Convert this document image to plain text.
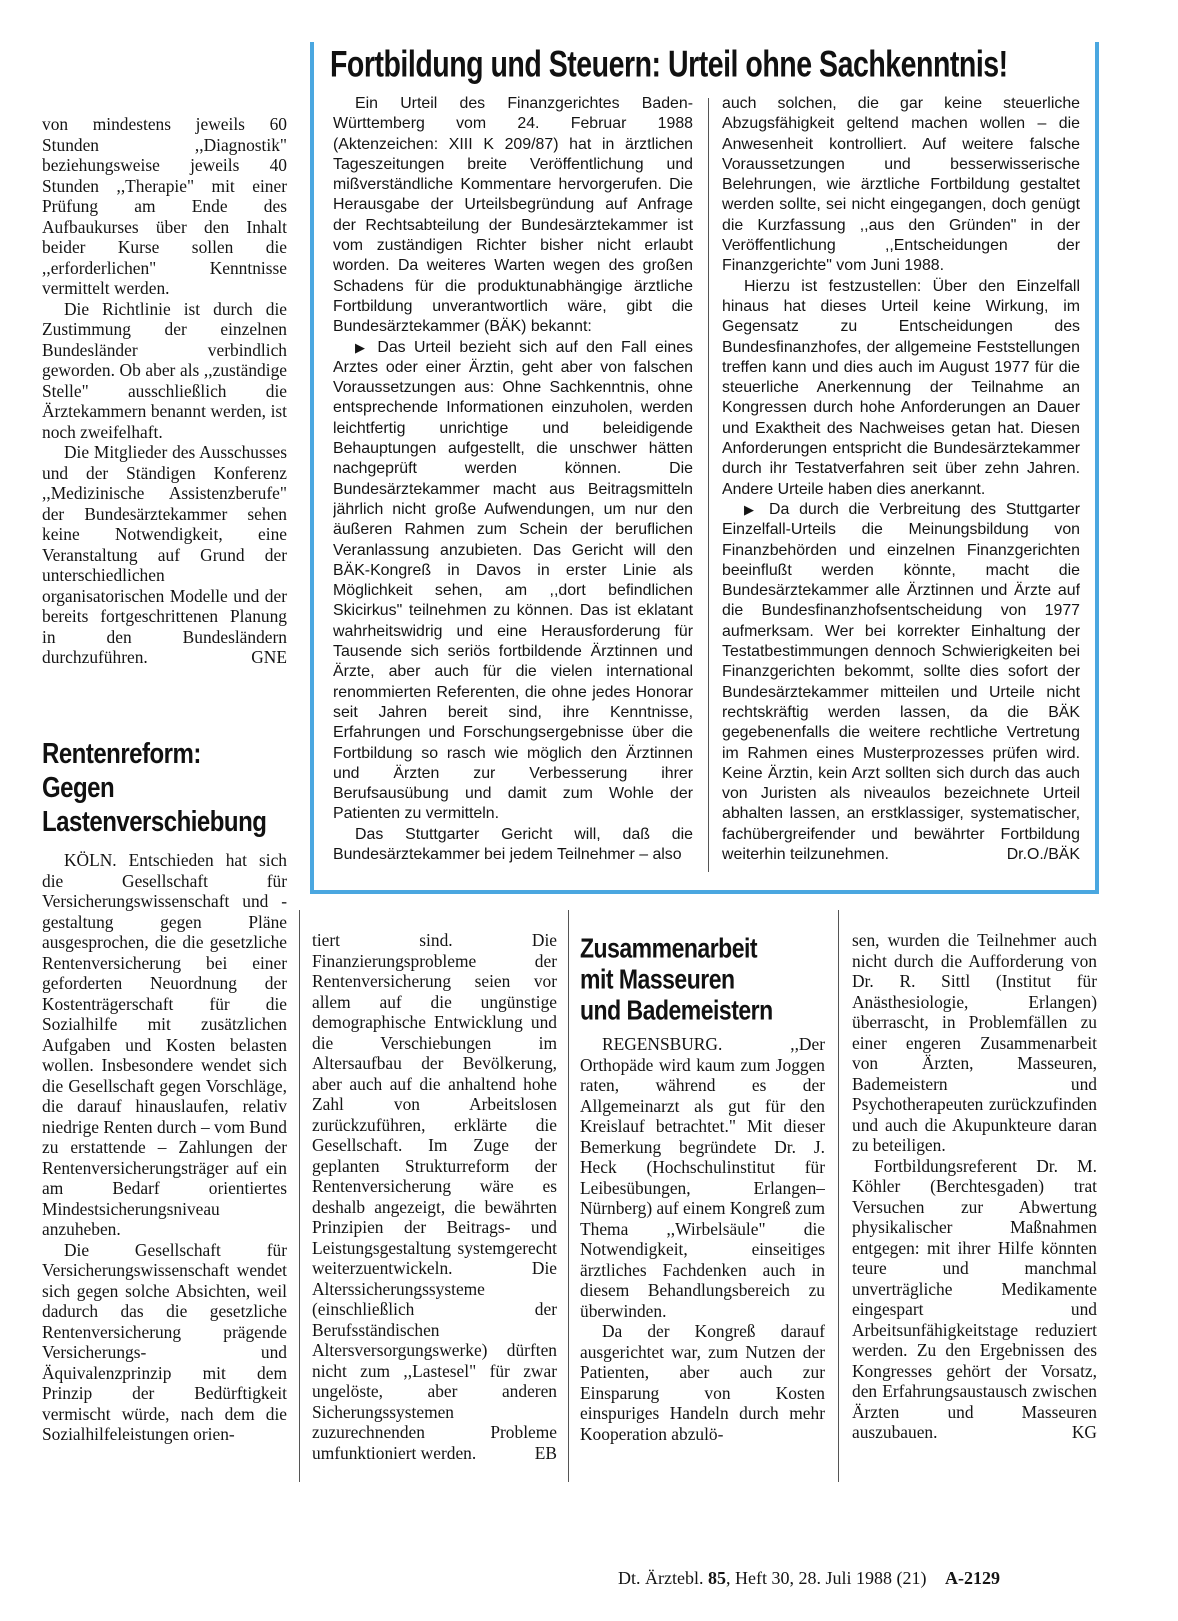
von mindestens jeweils 60 Stunden ,,Diagnostik" beziehungsweise jeweils 40 Stunden ,,Therapie" mit einer Prüfung am Ende des Aufbaukurses über den Inhalt beider Kurse sollen die ,,erforderlichen" Kenntnisse vermittelt werden.

Die Richtlinie ist durch die Zustimmung der einzelnen Bundesländer verbindlich geworden. Ob aber als ,,zuständige Stelle" ausschließlich die Ärztekammern benannt werden, ist noch zweifelhaft.

Die Mitglieder des Ausschusses und der Ständigen Konferenz ,,Medizinische Assistenzberufe" der Bundesärztekammer sehen keine Notwendigkeit, eine Veranstaltung auf Grund der unterschiedlichen organisatorischen Modelle und der bereits fortgeschrittenen Planung in den Bundesländern durchzuführen.	GNE

Fortbildung und Steuern: Urteil ohne Sachkenntnis!

Ein Urteil des Finanzgerichtes Baden-Württemberg vom 24. Februar 1988 (Aktenzeichen: XIII K 209/87) hat in ärztlichen Tageszeitungen breite Veröffentlichung und mißverständliche Kommentare hervorgerufen. Die Herausgabe der Urteilsbegründung auf Anfrage der Rechtsabteilung der Bundesärztekammer ist vom zuständigen Richter bisher nicht erlaubt worden. Da weiteres Warten wegen des großen Schadens für die produktunabhängige ärztliche Fortbildung unverantwortlich wäre, gibt die Bundesärztekammer (BÄK) bekannt:

▶ Das Urteil bezieht sich auf den Fall eines Arztes oder einer Ärztin, geht aber von falschen Voraussetzungen aus: Ohne Sachkenntnis, ohne entsprechende Informationen einzuholen, werden leichtfertig unrichtige und beleidigende Behauptungen aufgestellt, die unschwer hätten nachgeprüft werden können. Die Bundesärztekammer macht aus Beitragsmitteln jährlich nicht große Aufwendungen, um nur den äußeren Rahmen zum Schein der beruflichen Veranlassung anzubieten. Das Gericht will den BÄK-Kongreß in Davos in erster Linie als Möglichkeit sehen, am ,,dort befindlichen Skicirkus" teilnehmen zu können. Das ist eklatant wahrheitswidrig und eine Herausforderung für Tausende sich seriös fortbildende Ärztinnen und Ärzte, aber auch für die vielen international renommierten Referenten, die ohne jedes Honorar seit Jahren bereit sind, ihre Kenntnisse, Erfahrungen und Forschungsergebnisse über die Fortbildung so rasch wie möglich den Ärztinnen und Ärzten zur Verbesserung ihrer Berufsausübung und damit zum Wohle der Patienten zu vermitteln.

Das Stuttgarter Gericht will, daß die Bundesärztekammer bei jedem Teilnehmer – also

auch solchen, die gar keine steuerliche Abzugsfähigkeit geltend machen wollen – die Anwesenheit kontrolliert. Auf weitere falsche Voraussetzungen und besserwisserische Belehrungen, wie ärztliche Fortbildung gestaltet werden sollte, sei nicht eingegangen, doch genügt die Kurzfassung ,,aus den Gründen" in der Veröffentlichung ,,Entscheidungen der Finanzgerichte" vom Juni 1988.

Hierzu ist festzustellen: Über den Einzelfall hinaus hat dieses Urteil keine Wirkung, im Gegensatz zu Entscheidungen des Bundesfinanzhofes, der allgemeine Feststellungen treffen kann und dies auch im August 1977 für die steuerliche Anerkennung der Teilnahme an Kongressen durch hohe Anforderungen an Dauer und Exaktheit des Nachweises getan hat. Diesen Anforderungen entspricht die Bundesärztekammer durch ihr Testatverfahren seit über zehn Jahren. Andere Urteile haben dies anerkannt.

▶ Da durch die Verbreitung des Stuttgarter Einzelfall-Urteils die Meinungsbildung von Finanzbehörden und einzelnen Finanzgerichten beeinflußt werden könnte, macht die Bundesärztekammer alle Ärztinnen und Ärzte auf die Bundesfinanzhofsentscheidung von 1977 aufmerksam. Wer bei korrekter Einhaltung der Testatbestimmungen dennoch Schwierigkeiten bei Finanzgerichten bekommt, sollte dies sofort der Bundesärztekammer mitteilen und Urteile nicht rechtskräftig werden lassen, da die BÄK gegebenenfalls die weitere rechtliche Vertretung im Rahmen eines Musterprozesses prüfen wird. Keine Ärztin, kein Arzt sollten sich durch das auch von Juristen als niveaulos bezeichnete Urteil abhalten lassen, an erstklassiger, systematischer, fachübergreifender und bewährter Fortbildung weiterhin teilzunehmen.	Dr.O./BÄK

Rentenreform:
Gegen
Lastenverschiebung

KÖLN. Entschieden hat sich die Gesellschaft für Versicherungswissenschaft und -gestaltung gegen Pläne ausgesprochen, die die gesetzliche Rentenversicherung bei einer geforderten Neuordnung der Kostenträgerschaft für die Sozialhilfe mit zusätzlichen Aufgaben und Kosten belasten wollen. Insbesondere wendet sich die Gesellschaft gegen Vorschläge, die darauf hinauslaufen, relativ niedrige Renten durch – vom Bund zu erstattende – Zahlungen der Rentenversicherungsträger auf ein am Bedarf orientiertes Mindestsicherungsniveau anzuheben.

Die Gesellschaft für Versicherungswissenschaft wendet sich gegen solche Absichten, weil dadurch das die gesetzliche Rentenversicherung prägende Versicherungs- und Äquivalenzprinzip mit dem Prinzip der Bedürftigkeit vermischt würde, nach dem die Sozialhilfeleistungen orien-

tiert sind. Die Finanzierungsprobleme der Rentenversicherung seien vor allem auf die ungünstige demographische Entwicklung und die Verschiebungen im Altersaufbau der Bevölkerung, aber auch auf die anhaltend hohe Zahl von Arbeitslosen zurückzuführen, erklärte die Gesellschaft. Im Zuge der geplanten Strukturreform der Rentenversicherung wäre es deshalb angezeigt, die bewährten Prinzipien der Beitrags- und Leistungsgestaltung systemgerecht weiterzuentwickeln. Die Alterssicherungssysteme (einschließlich der Berufsständischen Altersversorgungswerke) dürften nicht zum ,,Lastesel" für zwar ungelöste, aber anderen Sicherungssystemen zuzurechnenden Probleme umfunktioniert werden.	EB

Zusammenarbeit
mit Masseuren
und Bademeistern

REGENSBURG. ,,Der Orthopäde wird kaum zum Joggen raten, während es der Allgemeinarzt als gut für den Kreislauf betrachtet." Mit dieser Bemerkung begründete Dr. J. Heck (Hochschulinstitut für Leibesübungen, Erlangen–Nürnberg) auf einem Kongreß zum Thema ,,Wirbelsäule" die Notwendigkeit, einseitiges ärztliches Fachdenken auch in diesem Behandlungsbereich zu überwinden.

Da der Kongreß darauf ausgerichtet war, zum Nutzen der Patienten, aber auch zur Einsparung von Kosten einspuriges Handeln durch mehr Kooperation abzulö-

sen, wurden die Teilnehmer auch nicht durch die Aufforderung von Dr. R. Sittl (Institut für Anästhesiologie, Erlangen) überrascht, in Problemfällen zu einer engeren Zusammenarbeit von Ärzten, Masseuren, Bademeistern und Psychotherapeuten zurückzufinden und auch die Akupunkteure daran zu beteiligen.

Fortbildungsreferent Dr. M. Köhler (Berchtesgaden) trat Versuchen zur Abwertung physikalischer Maßnahmen entgegen: mit ihrer Hilfe könnten teure und manchmal unverträgliche Medikamente eingespart und Arbeitsunfähigkeitstage reduziert werden. Zu den Ergebnissen des Kongresses gehört der Vorsatz, den Erfahrungsaustausch zwischen Ärzten und Masseuren auszubauen.	KG

Dt. Ärztebl. 85, Heft 30, 28. Juli 1988 (21) A-2129
